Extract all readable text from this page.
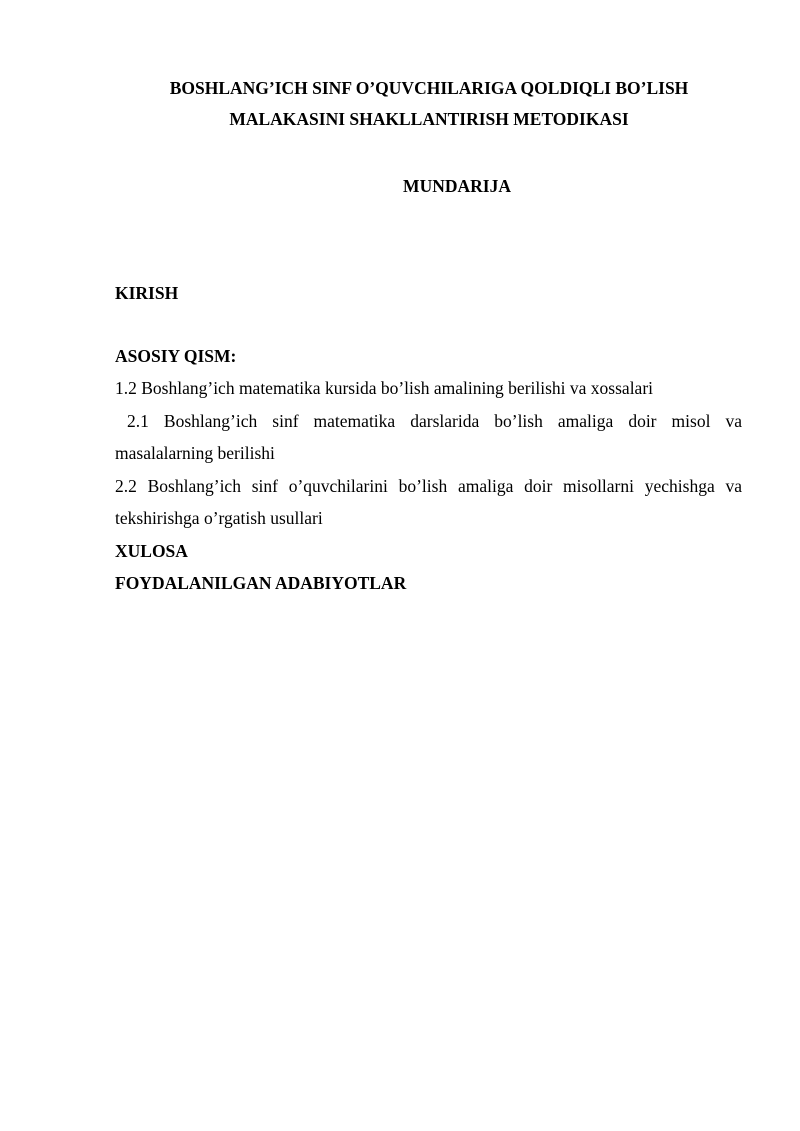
BOSHLANG’ICH SINF O’QUVCHILARIGA QOLDIQLI BO’LISH
MALAKASINI SHAKLLANTIRISH METODIKASI
MUNDARIJA
KIRISH
ASOSIY QISM:
1.2 Boshlang’ich matematika kursida bo’lish amalining berilishi va xossalari
2.1 Boshlang’ich sinf matematika darslarida bo’lish amaliga doir misol va
masalalarning berilishi
2.2 Boshlang’ich sinf o’quvchilarini bo’lish amaliga doir misollarni yechishga va
tekshirishga o’rgatish usullari
XULOSA
FOYDALANILGAN ADABIYOTLAR
